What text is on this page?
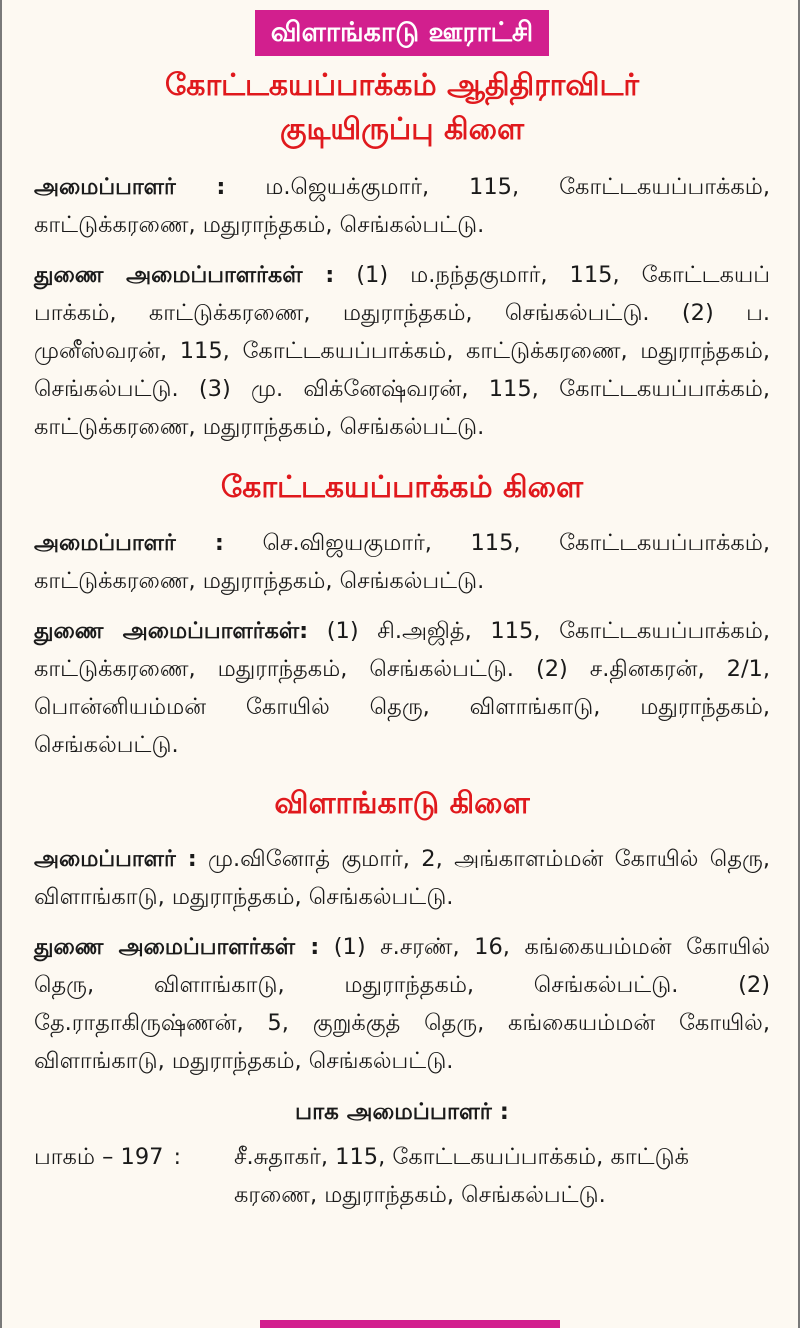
விளாங்காடு ஊராட்சி
கோட்டகயப்பாக்கம் ஆதிதிராவிடர்
குடியிருப்பு கிளை

அமைப்பாளர் : ம.ஜெயக்குமார், 115, கோட்டகயப்பாக்கம், காட்டுக்கரணை, மதுராந்தகம், செங்கல்பட்டு.

துணை அமைப்பாளர்கள் : (1) ம.நந்தகுமார், 115, கோட்டகயப் பாக்கம், காட்டுக்கரணை, மதுராந்தகம், செங்கல்பட்டு. (2) ப. முனீஸ்வரன், 115, கோட்டகயப்பாக்கம், காட்டுக்கரணை, மதுராந்தகம், செங்கல்பட்டு. (3) மு. விக்னேஷ்வரன், 115, கோட்டகயப்பாக்கம், காட்டுக்கரணை, மதுராந்தகம், செங்கல்பட்டு.

கோட்டகயப்பாக்கம் கிளை

அமைப்பாளர் : செ.விஜயகுமார், 115, கோட்டகயப்பாக்கம், காட்டுக்கரணை, மதுராந்தகம், செங்கல்பட்டு.

துணை அமைப்பாளர்கள்: (1) சி.அஜித், 115, கோட்டகயப்பாக்கம், காட்டுக்கரணை, மதுராந்தகம், செங்கல்பட்டு. (2) ச.தினகரன், 2/1, பொன்னியம்மன் கோயில் தெரு, விளாங்காடு, மதுராந்தகம், செங்கல்பட்டு.

விளாங்காடு கிளை

அமைப்பாளர் : மு.வினோத் குமார், 2, அங்காளம்மன் கோயில் தெரு, விளாங்காடு, மதுராந்தகம், செங்கல்பட்டு.

துணை அமைப்பாளர்கள் : (1) ச.சரண், 16, கங்கையம்மன் கோயில் தெரு, விளாங்காடு, மதுராந்தகம், செங்கல்பட்டு. (2) தே.ராதாகிருஷ்ணன், 5, குறுக்குத் தெரு, கங்கையம்மன் கோயில், விளாங்காடு, மதுராந்தகம், செங்கல்பட்டு.

பாக அமைப்பாளர் :
பாகம் – 197 :	சீ.சுதாகர், 115, கோட்டகயப்பாக்கம், காட்டுக் கரணை, மதுராந்தகம், செங்கல்பட்டு.
